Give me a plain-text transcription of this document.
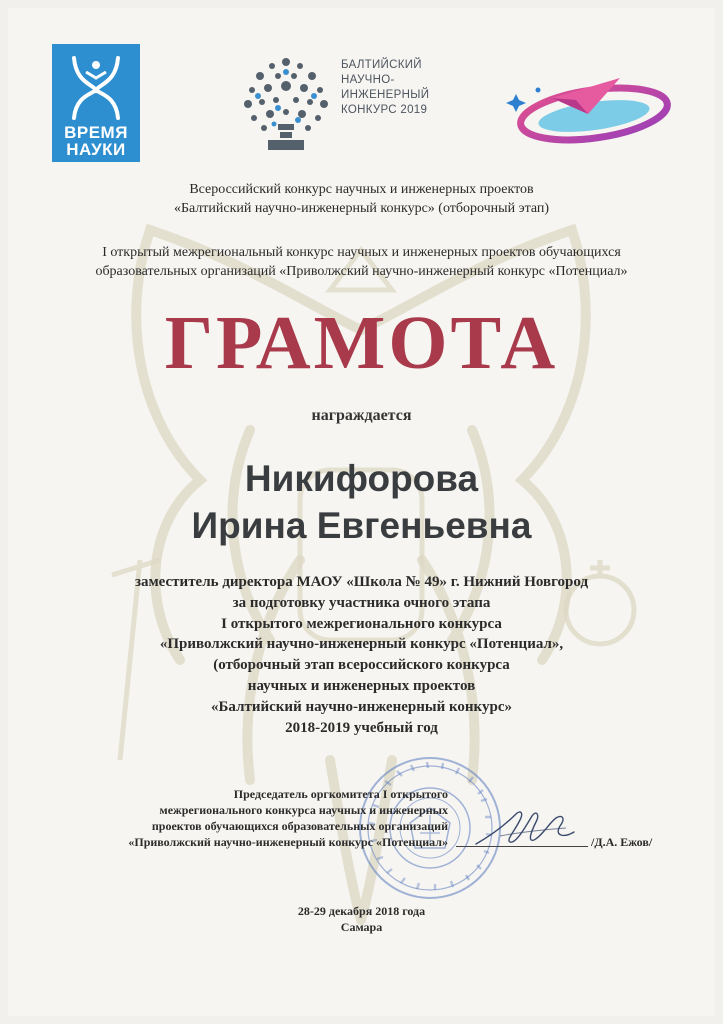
ВРЕМЯ
НАУКИ
БАЛТИЙСКИЙ
НАУЧНО-
ИНЖЕНЕРНЫЙ
КОНКУРС 2019
Всероссийский конкурс научных и инженерных проектов
«Балтийский научно-инженерный конкурс» (отборочный этап)
I открытый межрегиональный конкурс научных и инженерных проектов обучающихся
образовательных организаций «Приволжский научно-инженерный конкурс «Потенциал»
ГРАМОТА
награждается
Никифорова
Ирина Евгеньевна
заместитель директора МАОУ «Школа № 49» г. Нижний Новгород
за подготовку участника очного этапа
I открытого межрегионального конкурса
«Приволжский научно-инженерный конкурс «Потенциал»,
(отборочный этап всероссийского конкурса
научных и инженерных проектов
«Балтийский научно-инженерный конкурс»
2018-2019 учебный год
Председатель оргкомитета I открытого
межрегионального конкурса научных и инженерных
проектов обучающихся образовательных организаций
«Приволжский научно-инженерный конкурс «Потенциал»	/Д.А. Ежов/
28-29 декабря 2018 года
Самара
